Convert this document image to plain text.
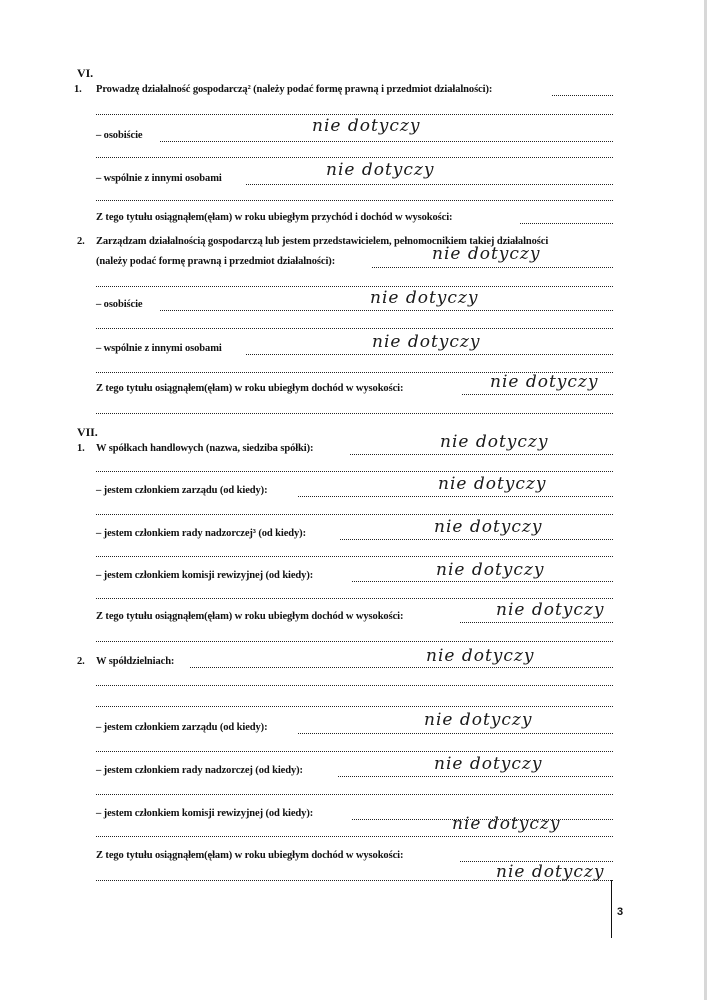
VI.
1. Prowadzę działalność gospodarczą² (należy podać formę prawną i przedmiot działalności):
– osobiście	nie dotyczy
– wspólnie z innymi osobami	nie dotyczy
Z tego tytułu osiągnąłem(ęłam) w roku ubiegłym przychód i dochód w wysokości:
2. Zarządzam działalnością gospodarczą lub jestem przedstawicielem, pełnomocnikiem takiej działalności
(należy podać formę prawną i przedmiot działalności):	nie dotyczy
– osobiście	nie dotyczy
– wspólnie z innymi osobami	nie dotyczy
Z tego tytułu osiągnąłem(ęłam) w roku ubiegłym dochód w wysokości:	nie dotyczy
VII.
1. W spółkach handlowych (nazwa, siedziba spółki):	nie dotyczy
– jestem członkiem zarządu (od kiedy):	nie dotyczy
– jestem członkiem rady nadzorczej³ (od kiedy):	nie dotyczy
– jestem członkiem komisji rewizyjnej (od kiedy):	nie dotyczy
Z tego tytułu osiągnąłem(ęłam) w roku ubiegłym dochód w wysokości:	nie dotyczy
2. W spółdzielniach:	nie dotyczy
– jestem członkiem zarządu (od kiedy):	nie dotyczy
– jestem członkiem rady nadzorczej (od kiedy):	nie dotyczy
– jestem członkiem komisji rewizyjnej (od kiedy):
nie dotyczy
Z tego tytułu osiągnąłem(ęłam) w roku ubiegłym dochód w wysokości:
nie dotyczy
3
